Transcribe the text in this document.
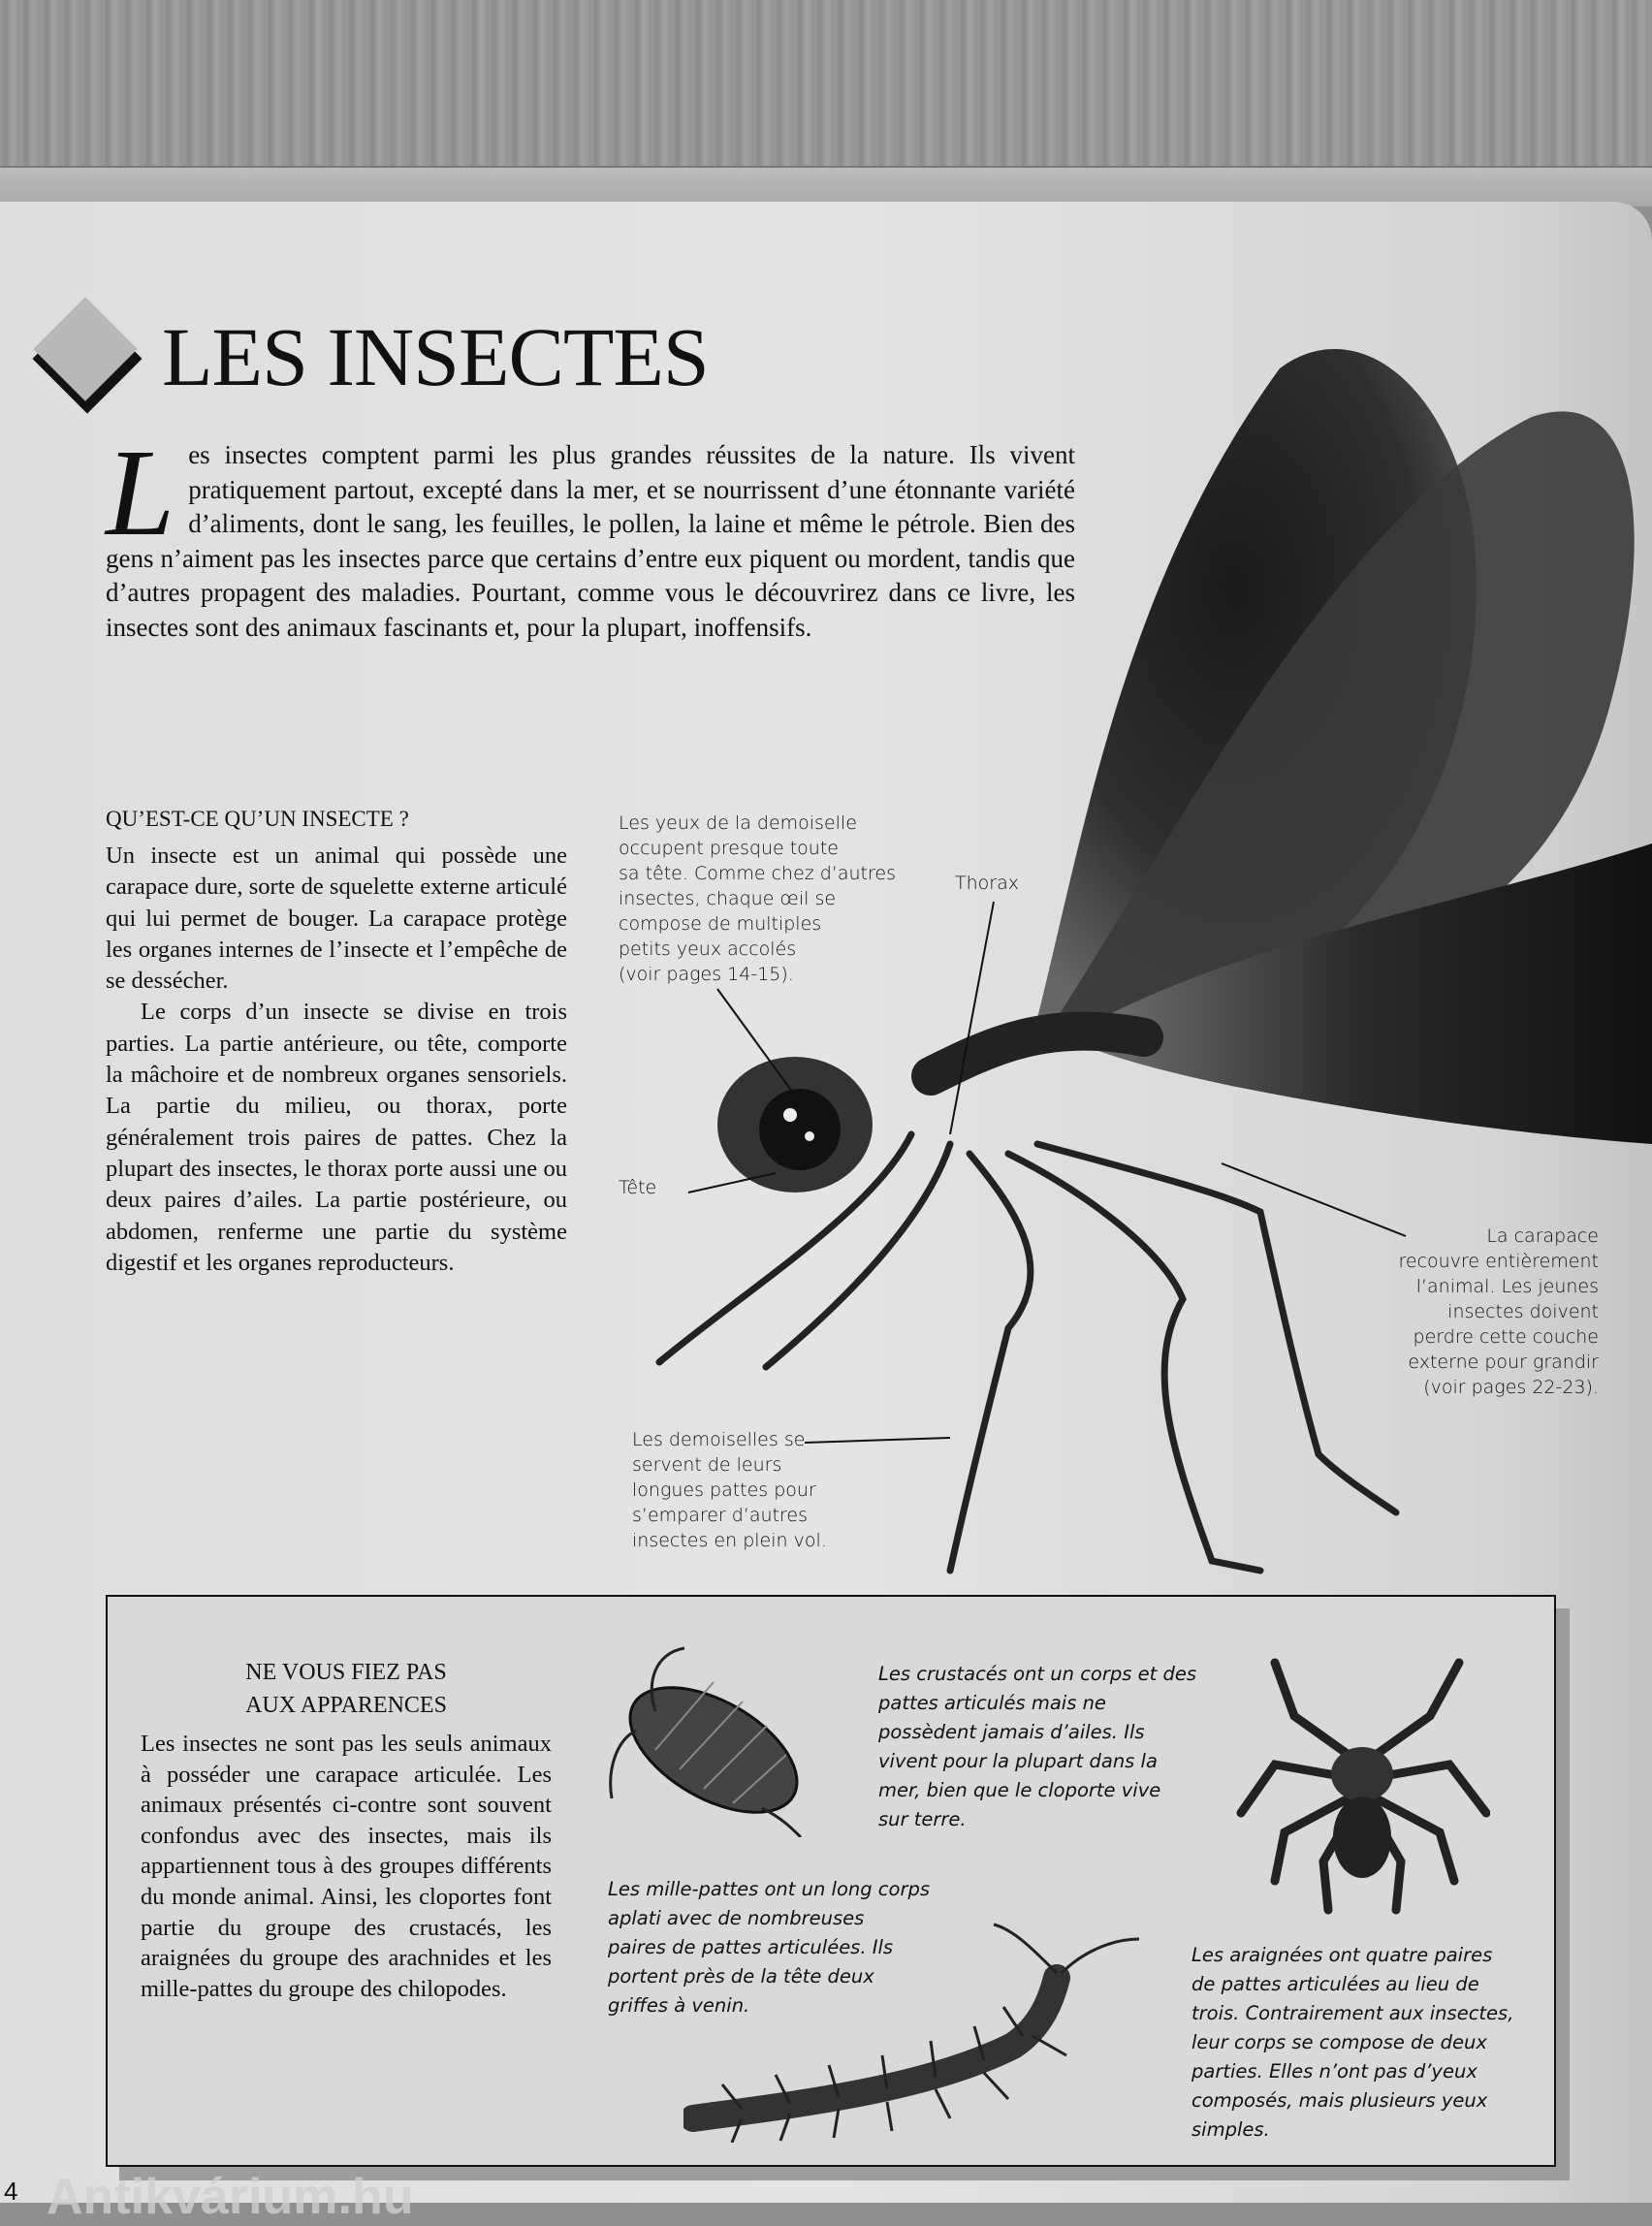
LES INSECTES
L es insectes comptent parmi les plus grandes réussites de la nature. Ils vivent pratiquement partout, excepté dans la mer, et se nourrissent d’une étonnante variété d’aliments, dont le sang, les feuilles, le pollen, la laine et même le pétrole. Bien des gens n’aiment pas les insectes parce que certains d’entre eux piquent ou mordent, tandis que d’autres propagent des maladies. Pourtant, comme vous le découvrirez dans ce livre, les insectes sont des animaux fascinants et, pour la plupart, inoffensifs.

QU’EST-CE QU’UN INSECTE ?

Un insecte est un animal qui possède une carapace dure, sorte de squelette externe articulé qui lui permet de bouger. La carapace protège les organes internes de l’insecte et l’empêche de se dessécher.

Le corps d’un insecte se divise en trois parties. La partie antérieure, ou tête, comporte la mâchoire et de nombreux organes sensoriels. La partie du milieu, ou thorax, porte généralement trois paires de pattes. Chez la plupart des insectes, le thorax porte aussi une ou deux paires d’ailes. La partie postérieure, ou abdomen, renferme une partie du système digestif et les organes reproducteurs.

Les yeux de la demoiselle
occupent presque toute
sa tête. Comme chez d’autres
insectes, chaque œil se
compose de multiples
petits yeux accolés
(voir pages 14-15).
Thorax
Tête
La carapace
recouvre entièrement
l’animal. Les jeunes
insectes doivent
perdre cette couche
externe pour grandir
(voir pages 22-23).
Les demoiselles se
servent de leurs
longues pattes pour
s’emparer d’autres
insectes en plein vol.
NE VOUS FIEZ PAS
AUX APPARENCES
Les insectes ne sont pas les seuls animaux à posséder une carapace articulée. Les animaux présentés ci-contre sont souvent confondus avec des insectes, mais ils appartiennent tous à des groupes différents du monde animal. Ainsi, les cloportes font partie du groupe des crustacés, les araignées du groupe des arachnides et les mille-pattes du groupe des chilopodes.
Les crustacés ont un corps et des
pattes articulés mais ne
possèdent jamais d’ailes. Ils
vivent pour la plupart dans la
mer, bien que le cloporte vive
sur terre.
Les mille-pattes ont un long corps
aplati avec de nombreuses
paires de pattes articulées. Ils
portent près de la tête deux
griffes à venin.
Les araignées ont quatre paires
de pattes articulées au lieu de
trois. Contrairement aux insectes,
leur corps se compose de deux
parties. Elles n’ont pas d’yeux
composés, mais plusieurs yeux
simples.
4 Antikvárium.hu
